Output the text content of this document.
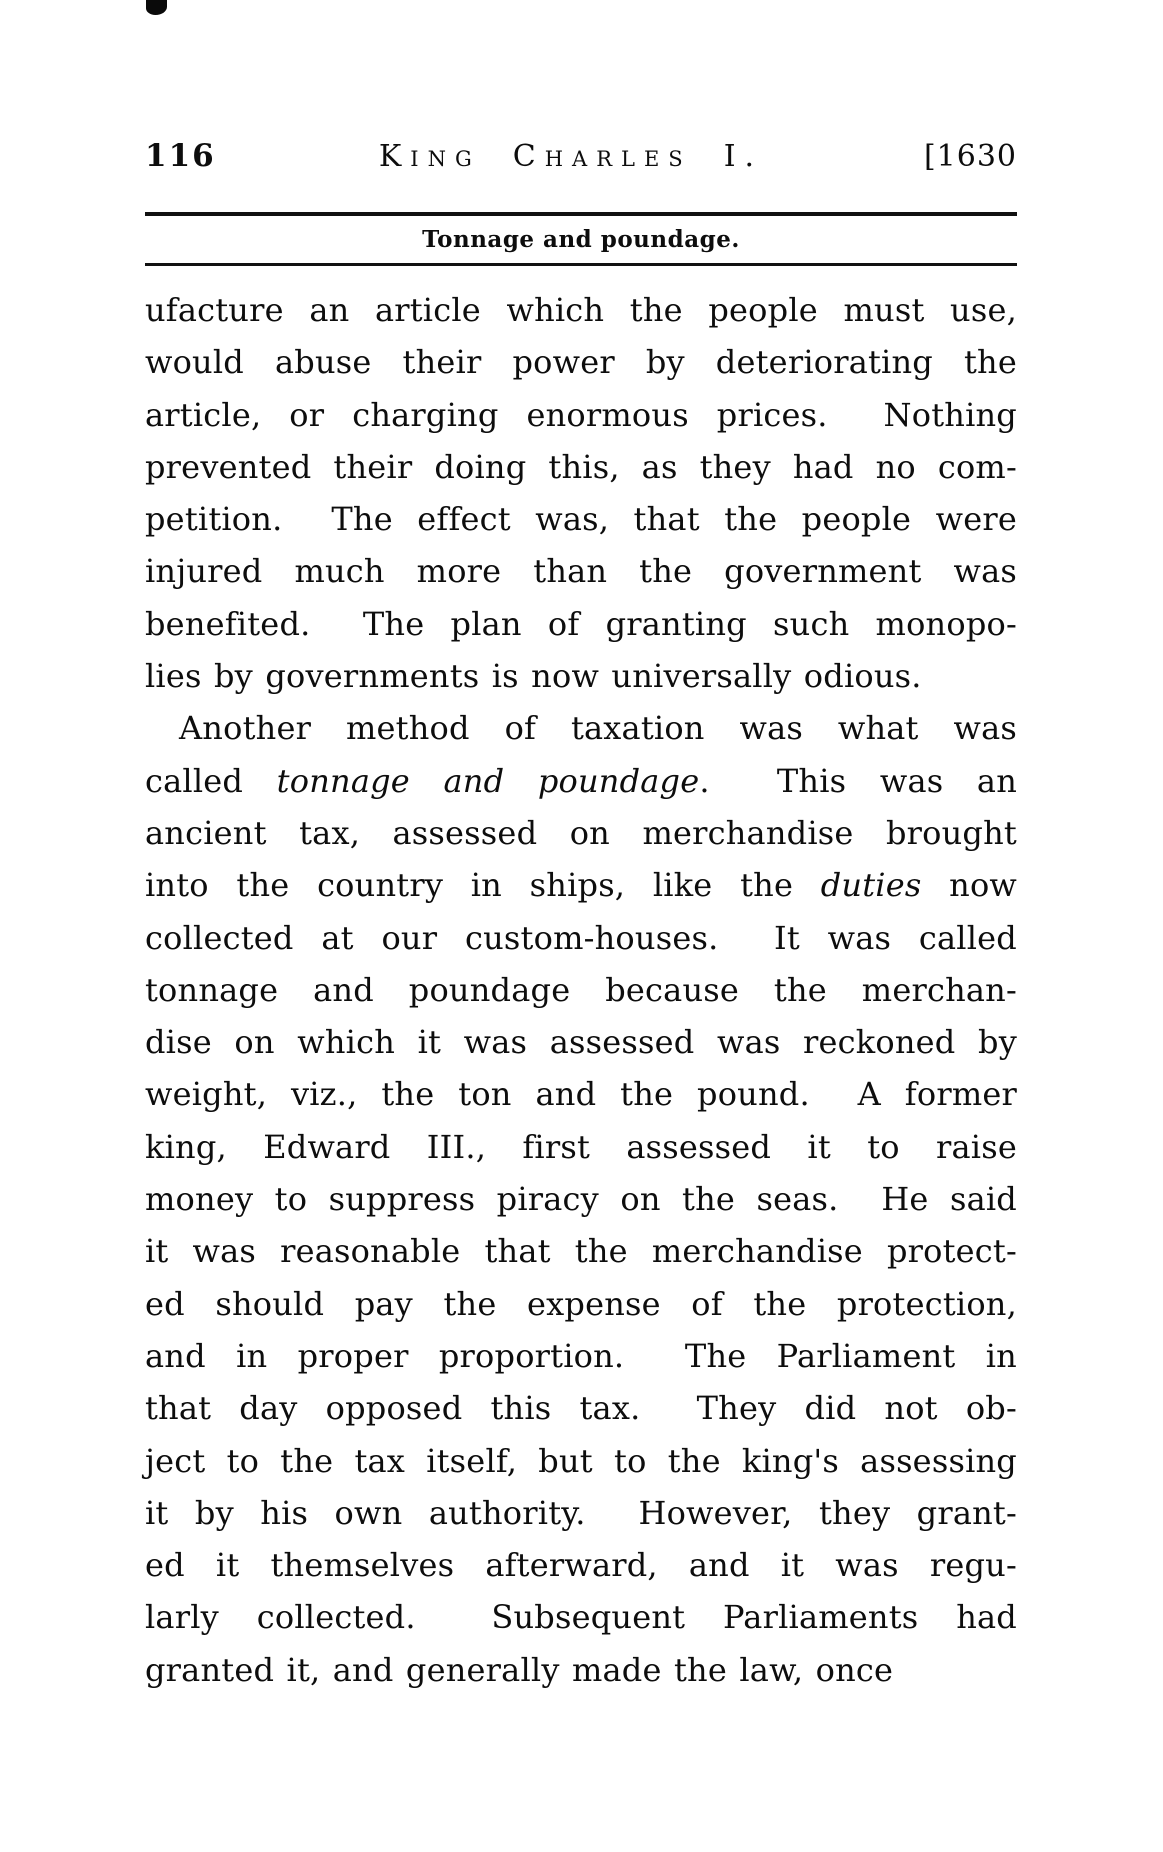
116	King Charles I.	[1630
Tonnage and poundage.
ufacture an article which the people must use,
would abuse their power by deteriorating the
article, or charging enormous prices.  Nothing
prevented their doing this, as they had no com-
petition.  The effect was, that the people were
injured much more than the government was
benefited.  The plan of granting such monopo-
lies by governments is now universally odious.
Another method of taxation was what was
called tonnage and poundage.  This was an
ancient tax, assessed on merchandise brought
into the country in ships, like the duties now
collected at our custom-houses.  It was called
tonnage and poundage because the merchan-
dise on which it was assessed was reckoned by
weight, viz., the ton and the pound.  A former
king, Edward III., first assessed it to raise
money to suppress piracy on the seas.  He said
it was reasonable that the merchandise protect-
ed should pay the expense of the protection,
and in proper proportion.  The Parliament in
that day opposed this tax.  They did not ob-
ject to the tax itself, but to the king's assessing
it by his own authority.  However, they grant-
ed it themselves afterward, and it was regu-
larly collected.  Subsequent Parliaments had
granted it, and generally made the law, once
